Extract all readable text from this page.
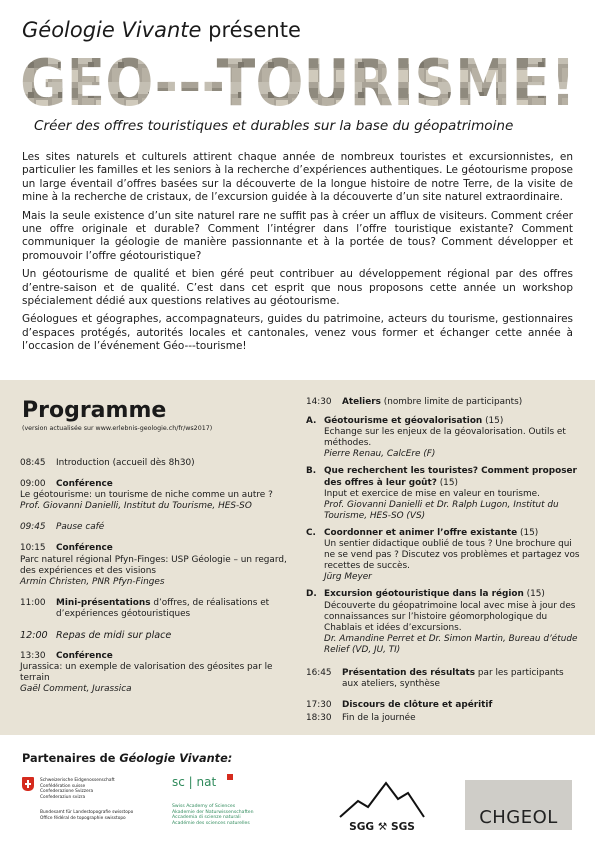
Géologie Vivante présente
GEO---TOURISME!
Créer des offres touristiques et durables sur la base du géopatrimoine

Les sites naturels et culturels attirent chaque année de nombreux touristes et excursionnistes, en particulier les familles et les seniors à la recherche d’expériences authentiques. Le géotourisme propose un large éventail d’offres basées sur la découverte de la longue histoire de notre Terre, de la visite de mine à la recherche de cristaux, de l’excursion guidée à la découverte d’un site naturel extraordinaire.

Mais la seule existence d’un site naturel rare ne suffit pas à créer un afflux de visiteurs. Comment créer une offre originale et durable? Comment l’intégrer dans l’offre touristique existante? Comment communiquer la géologie de manière passionnante et à la portée de tous? Comment développer et promouvoir l’offre géotouristique?

Un géotourisme de qualité et bien géré peut contribuer au développement régional par des offres d’entre-saison et de qualité. C’est dans cet esprit que nous proposons cette année un workshop spécialement dédié aux questions relatives au géotourisme.

Géologues et géographes, accompagnateurs, guides du patrimoine, acteurs du tourisme, gestionnaires d’espaces protégés, autorités locales et cantonales, venez vous former et échanger cette année à l’occasion de l’événement Géo---tourisme!

Programme
(version actualisée sur www.erlebnis-geologie.ch/fr/ws2017)
08:45	Introduction (accueil dès 8h30)
09:00	Conférence
Le géotourisme: un tourisme de niche comme un autre ?
Prof. Giovanni Danielli, Institut du Tourisme, HES-SO
09:45	Pause café
10:15	Conférence
Parc naturel régional Pfyn-Finges: USP Géologie – un regard, des expériences et des visions
Armin Christen, PNR Pfyn-Finges
11:00	Mini-présentations d’offres, de réalisations et d’expériences géotouristiques
12:00 Repas de midi sur place
13:30	Conférence
Jurassica: un exemple de valorisation des géosites par le terrain
Gaël Comment, Jurassica
14:30	Ateliers (nombre limite de participants)
A. Géotourisme et géovalorisation (15)
Echange sur les enjeux de la géovalorisation. Outils et méthodes.
Pierre Renau, CalcEre (F)
B. Que recherchent les touristes? Comment proposer des offres à leur goût? (15)
Input et exercice de mise en valeur en tourisme.
Prof. Giovanni Danielli et Dr. Ralph Lugon, Institut du Tourisme, HES-SO (VS)
C. Coordonner et animer l’offre existante (15)
Un sentier didactique oublié de tous ? Une brochure qui ne se vend pas ? Discutez vos problèmes et partagez vos recettes de succès.
Jürg Meyer
D. Excursion géotouristique dans la région (15)
Découverte du géopatrimoine local avec mise à jour des connaissances sur l’histoire géomorphologique du Chablais et idées d’excursions.
Dr. Amandine Perret et Dr. Simon Martin, Bureau d’étude Relief (VD, JU, TI)
16:45	Présentation des résultats par les participants aux ateliers, synthèse
17:30	Discours de clôture et apéritif
18:30	Fin de la journée
Partenaires de Géologie Vivante:
Schweizerische Eidgenossenschaft
Confédération suisse
Confederazione Svizzera
Confederaziun svizra
Bundesamt für Landestopografie swisstopo
Office fédéral de topographie swisstopo
sc | nat
Swiss Academy of Sciences
Akademie der Naturwissenschaften
Accademia di scienze naturali
Académie des sciences naturelles	SGG ⚒ SGS	CHGEOL
